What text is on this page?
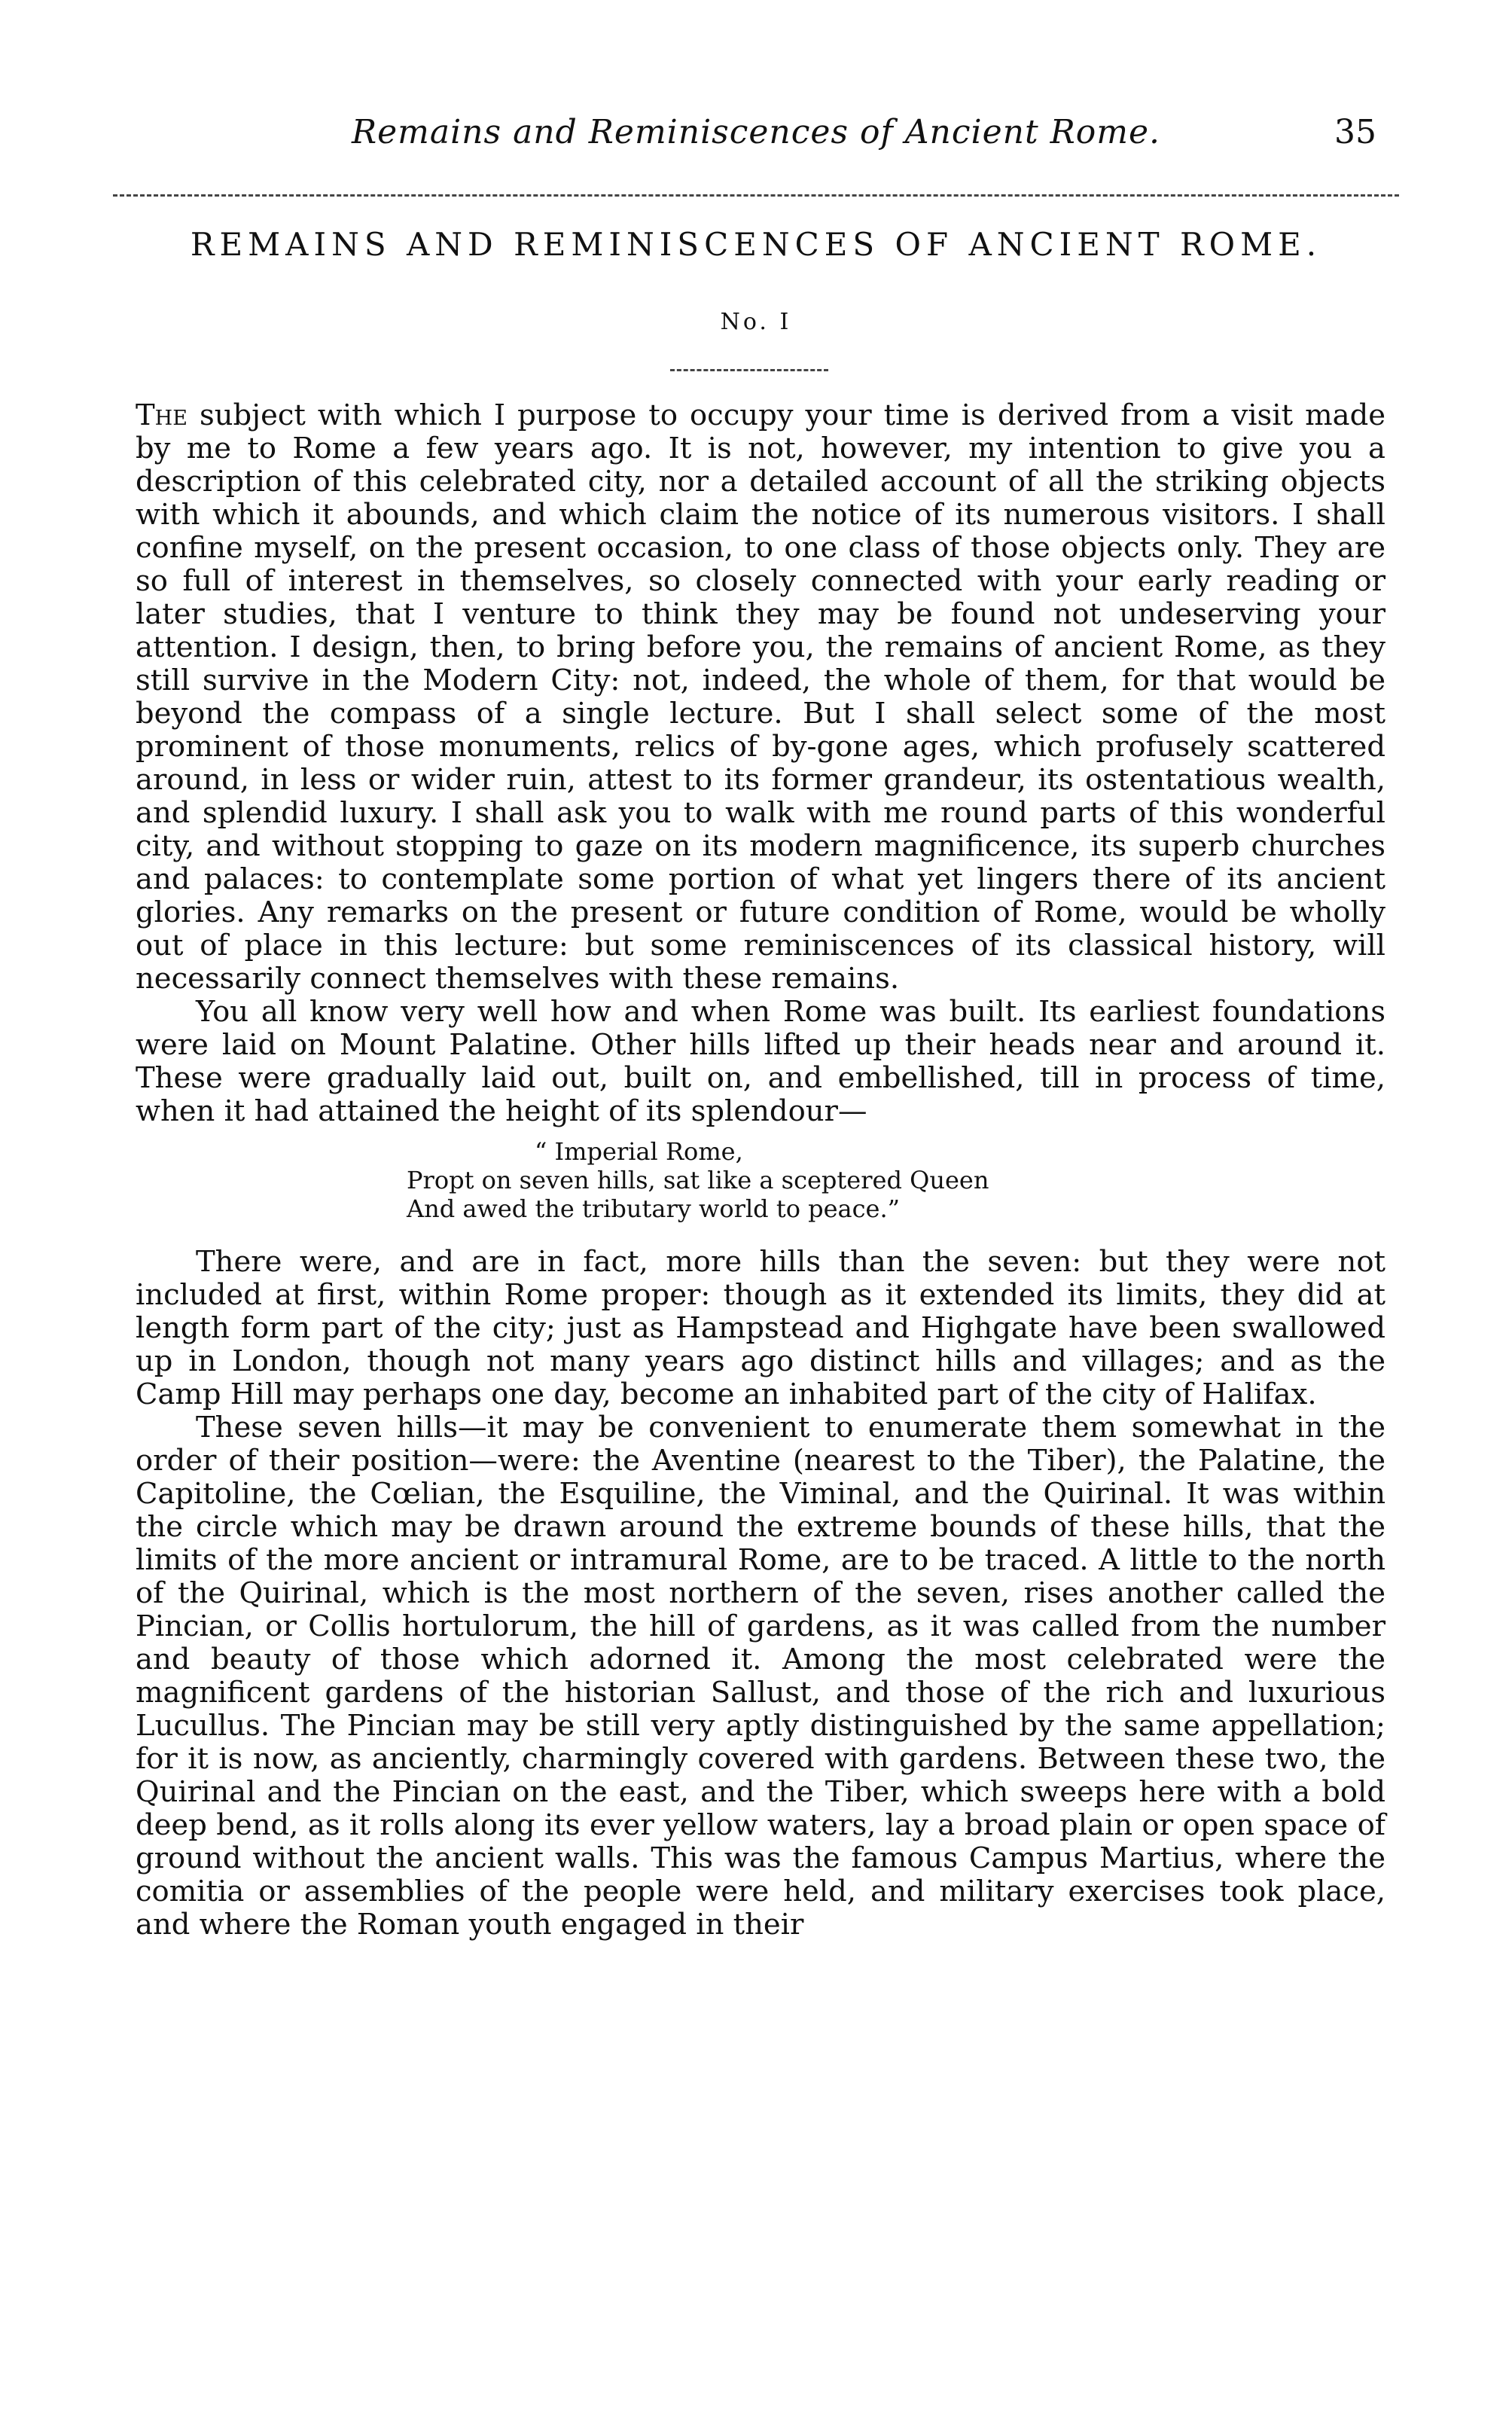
Remains and Reminiscences of Ancient Rome.	35
REMAINS AND REMINISCENCES OF ANCIENT ROME.
No. I

The subject with which I purpose to occupy your time is derived from a visit made by me to Rome a few years ago. It is not, however, my intention to give you a description of this celebrated city, nor a detailed account of all the striking objects with which it abounds, and which claim the notice of its numerous visitors. I shall confine myself, on the present occasion, to one class of those objects only. They are so full of interest in themselves, so closely connected with your early reading or later studies, that I venture to think they may be found not undeserving your attention. I design, then, to bring before you, the remains of ancient Rome, as they still survive in the Modern City: not, indeed, the whole of them, for that would be beyond the compass of a single lecture. But I shall select some of the most prominent of those monuments, relics of by-gone ages, which profusely scattered around, in less or wider ruin, attest to its former grandeur, its ostentatious wealth, and splendid luxury. I shall ask you to walk with me round parts of this wonderful city, and without stopping to gaze on its modern magnificence, its superb churches and palaces: to contemplate some portion of what yet lingers there of its ancient glories. Any remarks on the present or future condition of Rome, would be wholly out of place in this lecture: but some reminiscences of its classical history, will necessarily connect themselves with these remains.

You all know very well how and when Rome was built. Its earliest foundations were laid on Mount Palatine. Other hills lifted up their heads near and around it. These were gradually laid out, built on, and embellished, till in process of time, when it had attained the height of its splendour—

“ Imperial Rome,
Propt on seven hills, sat like a sceptered Queen
And awed the tributary world to peace.”

There were, and are in fact, more hills than the seven: but they were not included at first, within Rome proper: though as it extended its limits, they did at length form part of the city; just as Hampstead and Highgate have been swallowed up in London, though not many years ago distinct hills and villages; and as the Camp Hill may perhaps one day, become an inhabited part of the city of Halifax.

These seven hills—it may be convenient to enumerate them somewhat in the order of their position—were: the Aventine (nearest to the Tiber), the Palatine, the Capitoline, the Cœlian, the Esquiline, the Viminal, and the Quirinal. It was within the circle which may be drawn around the extreme bounds of these hills, that the limits of the more ancient or intramural Rome, are to be traced. A little to the north of the Quirinal, which is the most northern of the seven, rises another called the Pincian, or Collis hortulorum, the hill of gardens, as it was called from the number and beauty of those which adorned it. Among the most celebrated were the magnificent gardens of the historian Sallust, and those of the rich and luxurious Lucullus. The Pincian may be still very aptly distinguished by the same appellation; for it is now, as anciently, charmingly covered with gardens. Between these two, the Quirinal and the Pincian on the east, and the Tiber, which sweeps here with a bold deep bend, as it rolls along its ever yellow waters, lay a broad plain or open space of ground without the ancient walls. This was the famous Campus Martius, where the comitia or assemblies of the people were held, and military exercises took place, and where the Roman youth engaged in their
